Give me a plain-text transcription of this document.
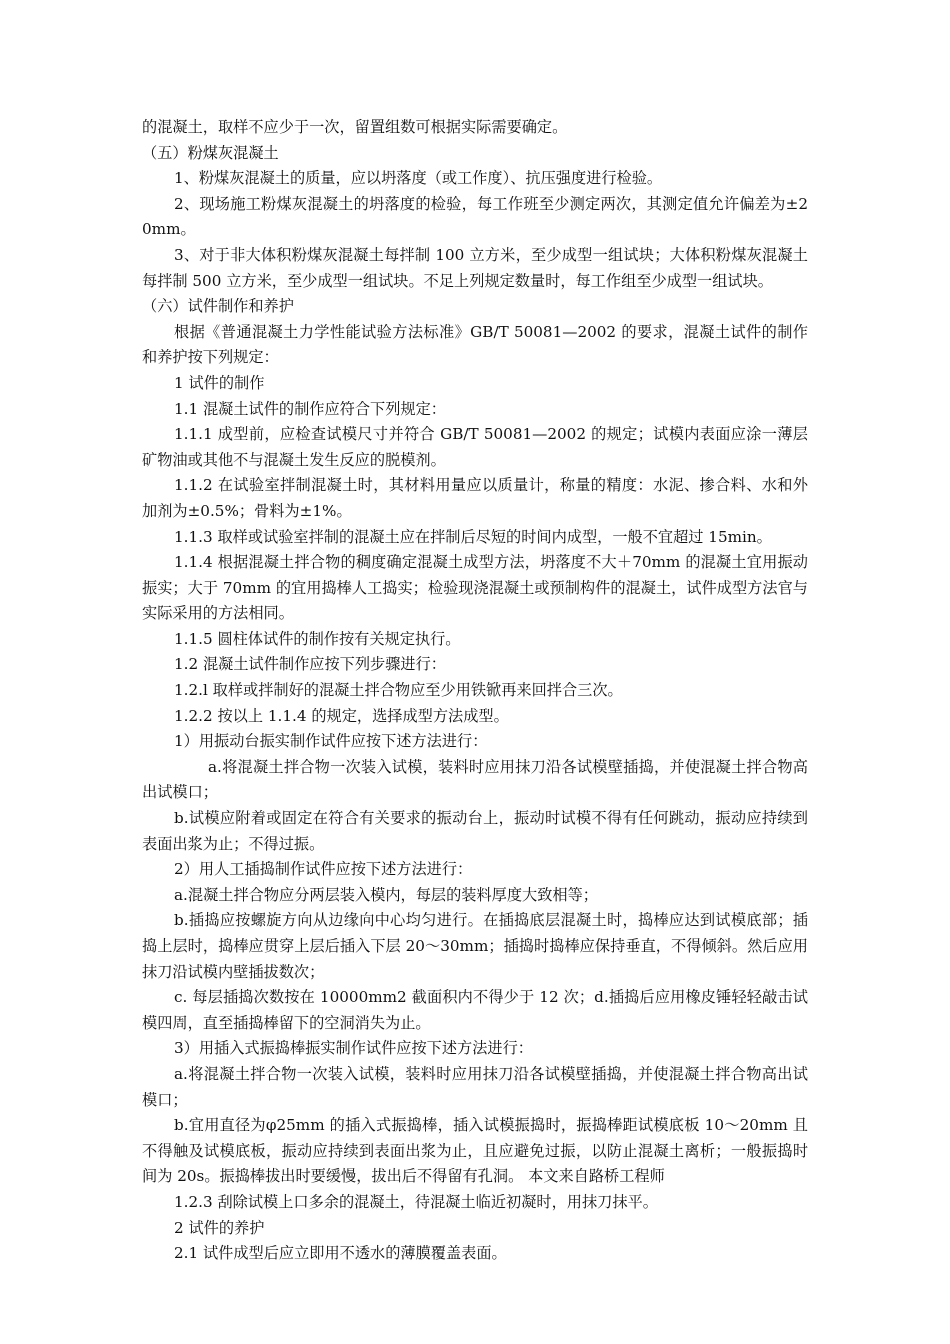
的混凝土，取样不应少于一次，留置组数可根据实际需要确定。

（五）粉煤灰混凝土

1、粉煤灰混凝土的质量，应以坍落度（或工作度）、抗压强度进行检验。

2、现场施工粉煤灰混凝土的坍落度的检验，每工作班至少测定两次，其测定值允许偏差为±20mm。

3、对于非大体积粉煤灰混凝土每拌制 100 立方米，至少成型一组试块；大体积粉煤灰混凝土每拌制 500 立方米，至少成型一组试块。不足上列规定数量时，每工作组至少成型一组试块。

（六）试件制作和养护

根据《普通混凝土力学性能试验方法标准》GB/T 50081—2002 的要求，混凝土试件的制作和养护按下列规定：

1 试件的制作

1.1 混凝土试件的制作应符合下列规定：

1.1.1 成型前，应检查试模尺寸并符合 GB/T 50081—2002 的规定；试模内表面应涂一薄层矿物油或其他不与混凝土发生反应的脱模剂。

1.1.2 在试验室拌制混凝土时，其材料用量应以质量计，称量的精度：水泥、掺合料、水和外加剂为±0.5%；骨料为±1%。

1.1.3 取样或试验室拌制的混凝土应在拌制后尽短的时间内成型，一般不宜超过 15min。

1.1.4 根据混凝土拌合物的稠度确定混凝土成型方法，坍落度不大＋70mm 的混凝土宜用振动振实；大于 70mm 的宜用捣棒人工捣实；检验现浇混凝土或预制构件的混凝土，试件成型方法官与实际采用的方法相同。

1.1.5 圆柱体试件的制作按有关规定执行。

1.2 混凝土试件制作应按下列步骤进行：

1.2.l 取样或拌制好的混凝土拌合物应至少用铁锨再来回拌合三次。

1.2.2 按以上 1.1.4 的规定，选择成型方法成型。

1）用振动台振实制作试件应按下述方法进行：

a.将混凝土拌合物一次装入试模，装料时应用抹刀沿各试模壁插捣，并使混凝土拌合物高出试模口；

b.试模应附着或固定在符合有关要求的振动台上，振动时试模不得有任何跳动，振动应持续到表面出浆为止；不得过振。

2）用人工插捣制作试件应按下述方法进行：

a.混凝土拌合物应分两层装入模内，每层的装料厚度大致相等；

b.插捣应按螺旋方向从边缘向中心均匀进行。在插捣底层混凝土时，捣棒应达到试模底部；插捣上层时，捣棒应贯穿上层后插入下层 20～30mm；插捣时捣棒应保持垂直，不得倾斜。然后应用抹刀沿试模内壁插拔数次；

c. 每层插捣次数按在 10000mm2 截面积内不得少于 12 次；d.插捣后应用橡皮锤轻轻敲击试模四周，直至插捣棒留下的空洞消失为止。

3）用插入式振捣棒振实制作试件应按下述方法进行：

a.将混凝土拌合物一次装入试模，装料时应用抹刀沿各试模壁插捣，并使混凝土拌合物高出试模口；

b.宜用直径为φ25mm 的插入式振捣棒，插入试模振捣时，振捣棒距试模底板 10～20mm 且不得触及试模底板，振动应持续到表面出浆为止，且应避免过振，以防止混凝土离析；一般振捣时间为 20s。振捣棒拔出时要缓慢，拔出后不得留有孔洞。 本文来自路桥工程师

1.2.3 刮除试模上口多余的混凝土，待混凝土临近初凝时，用抹刀抹平。

2 试件的养护

2.1 试件成型后应立即用不透水的薄膜覆盖表面。
